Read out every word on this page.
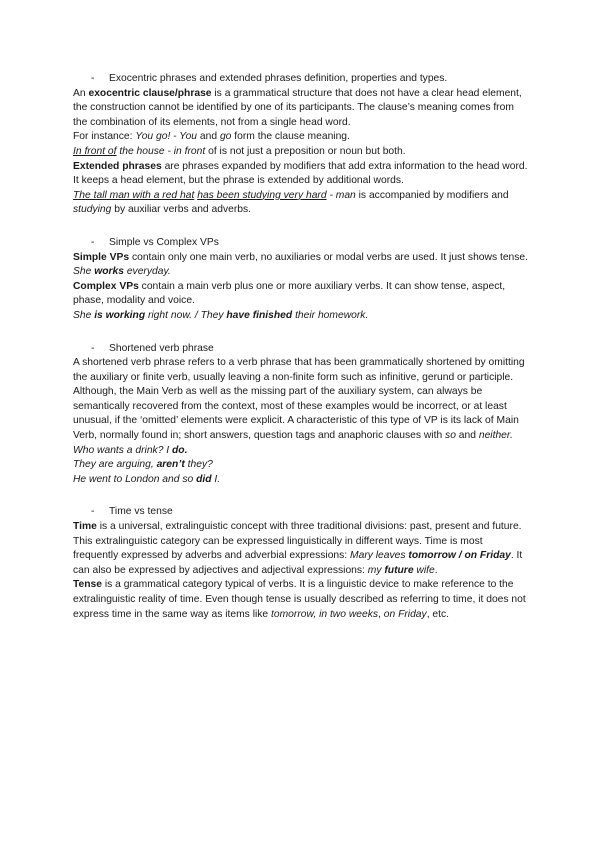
- Exocentric phrases and extended phrases definition, properties and types.

An exocentric clause/phrase is a grammatical structure that does not have a clear head element, the construction cannot be identified by one of its participants. The clause’s meaning comes from the combination of its elements, not from a single head word.

For instance: You go! - You and go form the clause meaning.

In front of the house - in front of is not just a preposition or noun but both.

Extended phrases are phrases expanded by modifiers that add extra information to the head word. It keeps a head element, but the phrase is extended by additional words.

The tall man with a red hat has been studying very hard - man is accompanied by modifiers and studying by auxiliar verbs and adverbs.

- Simple vs Complex VPs

Simple VPs contain only one main verb, no auxiliaries or modal verbs are used. It just shows tense.

She works everyday.

Complex VPs contain a main verb plus one or more auxiliary verbs. It can show tense, aspect, phase, modality and voice.

She is working right now. / They have finished their homework.

- Shortened verb phrase

A shortened verb phrase refers to a verb phrase that has been grammatically shortened by omitting the auxiliary or finite verb, usually leaving a non-finite form such as infinitive, gerund or participle. Although, the Main Verb as well as the missing part of the auxiliary system, can always be semantically recovered from the context, most of these examples would be incorrect, or at least unusual, if the ‘omitted’ elements were explicit. A characteristic of this type of VP is its lack of Main Verb, normally found in; short answers, question tags and anaphoric clauses with so and neither.

Who wants a drink? I do.

They are arguing, aren’t they?

He went to London and so did I.

- Time vs tense

Time is a universal, extralinguistic concept with three traditional divisions: past, present and future. This extralinguistic category can be expressed linguistically in different ways. Time is most frequently expressed by adverbs and adverbial expressions: Mary leaves tomorrow / on Friday. It can also be expressed by adjectives and adjectival expressions: my future wife.

Tense is a grammatical category typical of verbs. It is a linguistic device to make reference to the extralinguistic reality of time. Even though tense is usually described as referring to time, it does not express time in the same way as items like tomorrow, in two weeks, on Friday, etc.
